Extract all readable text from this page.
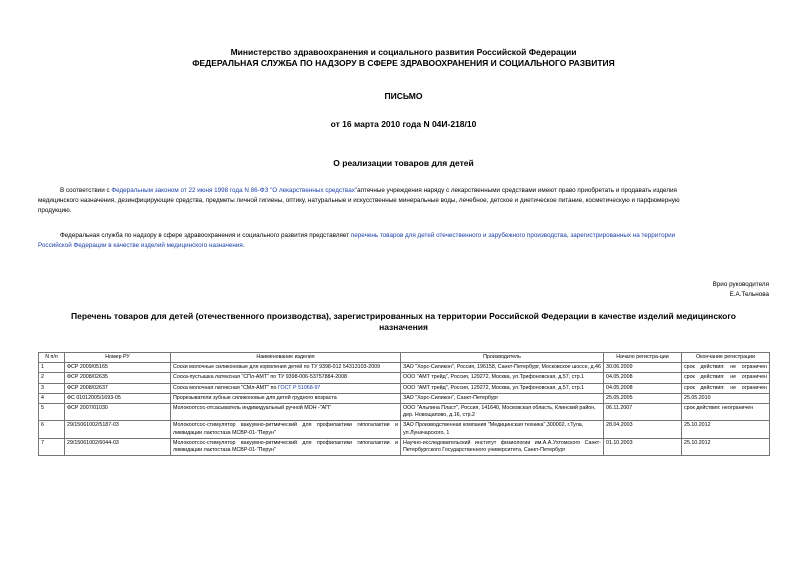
Министерство здравоохранения и социального развития Российской Федерации
ФЕДЕРАЛЬНАЯ СЛУЖБА ПО НАДЗОРУ В СФЕРЕ ЗДРАВООХРАНЕНИЯ И СОЦИАЛЬНОГО РАЗВИТИЯ
ПИСЬМО
от 16 марта 2010 года N 04И-218/10
О реализации товаров для детей
В соответствии с Федеральным законом от 22 июня 1998 года N 86-ФЗ "О лекарственных средствах"аптечные учреждения наряду с лекарственными средствами имеют право приобретать и продавать изделия
медицинского назначения, дезинфицирующие средства, предметы личной гигиены, оптику, натуральные и искусственные минеральные воды, лечебное, детское и диетическое питание, косметическую и парфюмерную
продукцию.
Федеральная служба по надзору в сфере здравоохранения и социального развития представляет перечень товаров для детей отечественного и зарубежного производства, зарегистрированных на территории
Российской Федерации в качестве изделий медицинского назначения.
Врио руководителя
Е.А.Тельнова
Перечень товаров для детей (отечественного производства), зарегистрированных на территории Российской Федерации в качестве изделий медицинского
назначения
N п/п	Номер РУ	Наименование изделия	Производитель	Начало регистра-ции	Окончание регистрации
1	ФСР 2009/05165	Соски молочные силиконовые для кормления детей по ТУ 9398-012 54313103-2009	ЗАО "Хорс-Силикон", Россия, 196158, Санкт-Петербург, Московское шоссе, д.46	30.06.2009	срок действия: не ограничен
2	ФСР 2008/02635	Соска-пустышка латексная "СПл-АМТ" по ТУ 9398-006-53757884-2008	ООО "АМТ трейд", Россия, 129272, Москва, ул.Трифоновская, д.57, стр.1	04.05.2008	срок действия: не ограничен
3	ФСР 2008/02637	Соска молочная латексная "СМл-АМТ" по ГОСТ Р 51068-97	ООО "АМТ трейд", Россия, 129272, Москва, ул.Трифоновская, д.57, стр.1	04.05.2008	срок действия: не ограничен
4	ФС 01012005/1693-05	Прорезыватели зубные силиконовые для детей грудного возраста	ЗАО "Хорс-Силикон", Санкт-Петербург	25.05.2005	25.05.2010
5	ФСР 2007/01030	Молокоотсос-отсасыватель индивидуальный ручной МОН -"АП"	ООО "Альпина Пласт", Россия, 141640, Московская область, Клинский район, дер. Новощапово, д.16, стр.2	06.11.2007	срок действия: неограничен
6	29/15061002/5187-03	Молокоотсос-стимулятор вакуумно-ритмический для профилактики гипогалактии и ликвидации лактостаза МСВР-01-"Перун"	ЗАО Производственная компания "Медицинская техника",300002, г.Тула, ул.Луначарского, 1	28.04.2003	25.10.2012
7	29/15061002/6044-03	Молокоотсос-стимулятор вакуумно-ритмический для профилактики гипогалактии и ликвидации лактостаза МСВР-01-"Перун"	Научно-исследовательский институт физиологии им.А.А.Ухтомского Санкт-Петербургского Государственного университета, Санкт-Петербург	01.10.2003	25.10.2012
